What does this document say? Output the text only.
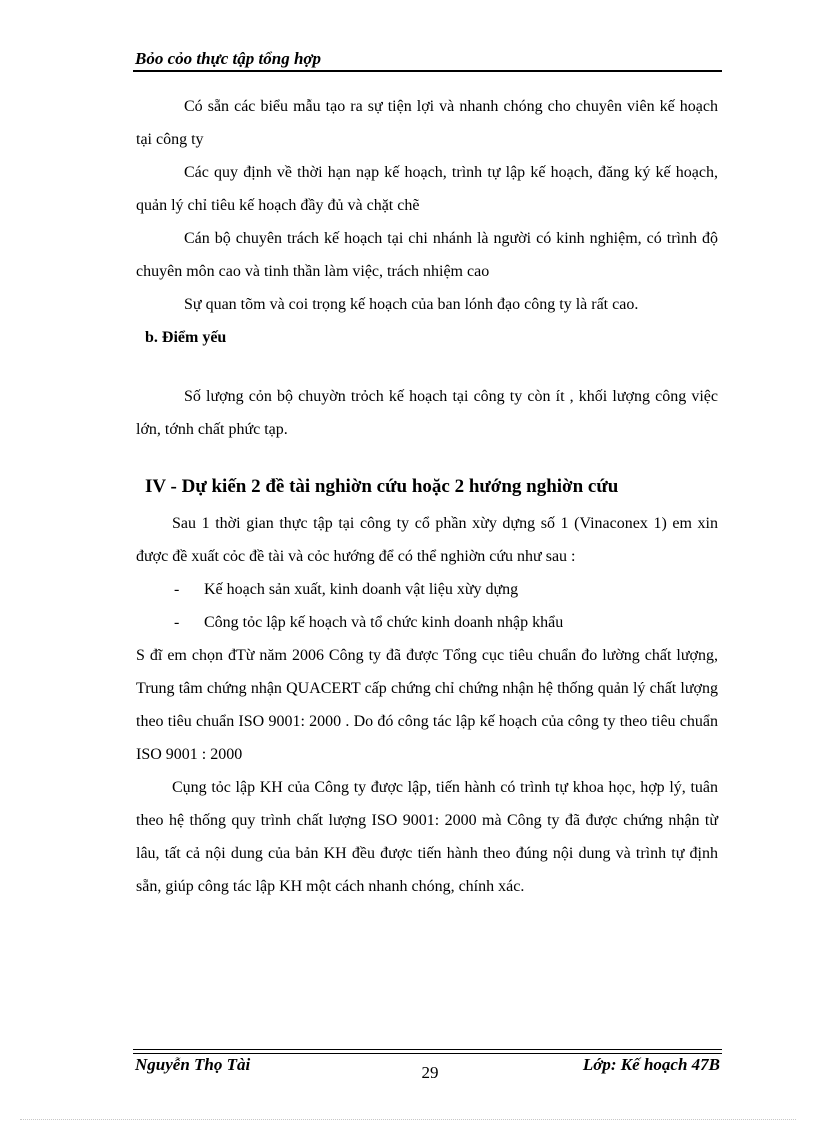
Bỏo cỏo thực tập tổng hợp

Có sẵn các biểu mẫu tạo ra sự tiện lợi và nhanh chóng cho chuyên viên kế hoạch tại công ty

Các quy định về thời hạn nạp kế hoạch, trình tự lập kế hoạch, đăng ký kế hoạch, quản lý chỉ tiêu kế hoạch đầy đủ và chặt chẽ

Cán bộ chuyên trách kế hoạch tại chi nhánh là người có kinh nghiệm, có trình độ chuyên môn cao và tinh thần làm việc, trách nhiệm cao

Sự quan tõm và coi trọng kế hoạch của ban lónh đạo công ty là rất cao.

b. Điểm yếu

Số lượng cỏn bộ chuyờn trỏch kế hoạch tại công ty còn ít , khối lượng công việc lớn, tớnh chất phức tạp.

IV - Dự kiến 2 đề tài nghiờn cứu hoặc 2 hướng nghiờn cứu

Sau 1 thời gian thực tập tại công ty cổ phần xừy dựng số 1 (Vinaconex 1) em xin được đề xuất cỏc đề tài và cỏc hướng để có thể nghiờn cứu như sau :

- Kế hoạch sản xuất, kinh doanh vật liệu xừy dựng
- Công tỏc lập kế hoạch và tổ chức kinh doanh nhập khẩu

S đĩ em chọn đTừ năm 2006 Công ty đã được Tổng cục tiêu chuẩn đo lường chất lượng, Trung tâm chứng nhận QUACERT cấp chứng chỉ chứng nhận hệ thống quản lý chất lượng theo tiêu chuẩn ISO 9001: 2000 . Do đó công tác lập kế hoạch của công ty theo tiêu chuẩn ISO 9001 : 2000

Cụng tỏc lập KH của Công ty được lập, tiến hành có trình tự khoa học, hợp lý, tuân theo hệ thống quy trình chất lượng ISO 9001: 2000 mà Công ty đã được chứng nhận từ lâu, tất cả nội dung của bản KH đều được tiến hành theo đúng nội dung và trình tự định sẵn, giúp công tác lập KH một cách nhanh chóng, chính xác.

Nguyễn Thọ Tài	29	Lớp: Kế hoạch 47B
